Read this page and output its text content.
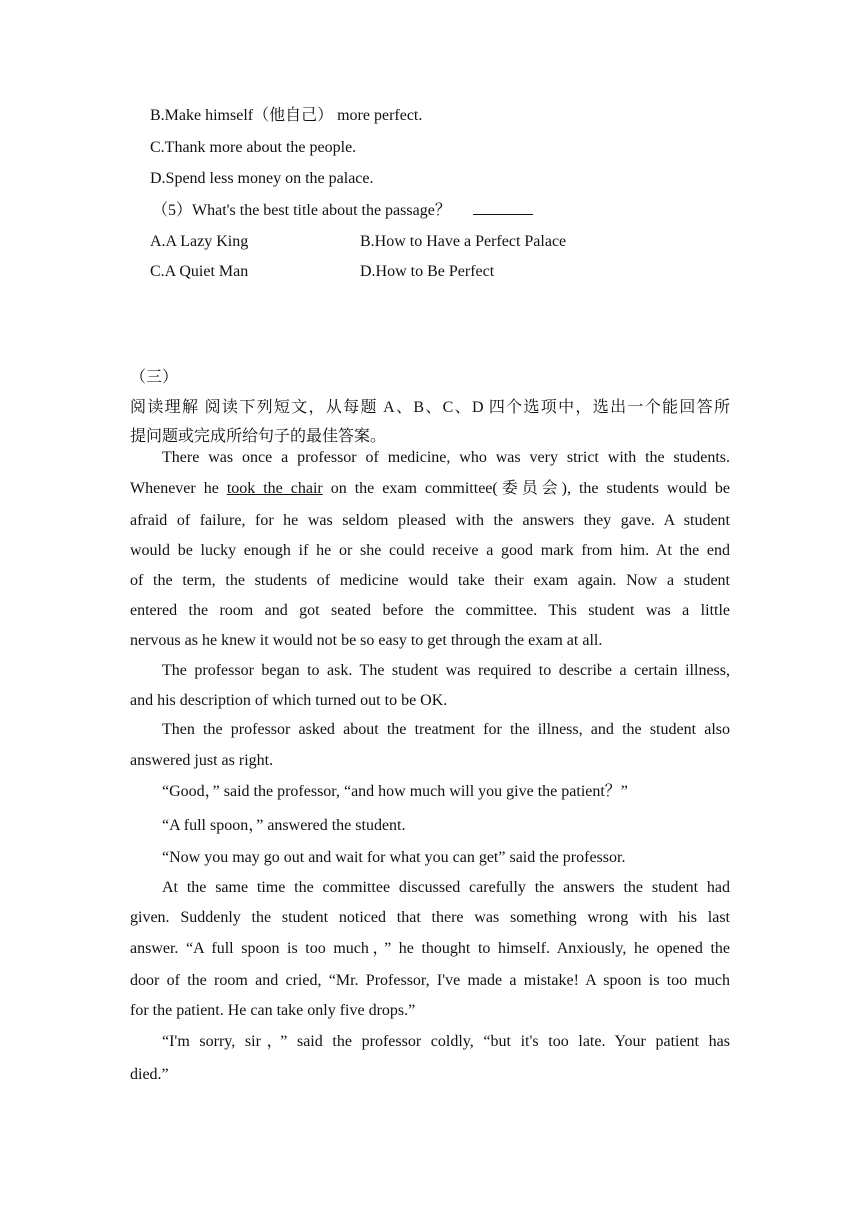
B.Make himself（他自己） more perfect.
C.Thank more about the people.
D.Spend less money on the palace.
（5）What's the best title about the passage？
A.A Lazy King	B.How to Have a Perfect Palace
C.A Quiet Man	D.How to Be Perfect
（三）
阅读理解 阅读下列短文，从每题 A、B、C、D 四个选项中，选出一个能回答所
提问题或完成所给句子的最佳答案。
There was once a professor of medicine, who was very strict with the students.
Whenever he took the chair on the exam committee(委员会), the students would be
afraid of failure, for he was seldom pleased with the answers they gave. A student
would be lucky enough if he or she could receive a good mark from him. At the end
of the term, the students of medicine would take their exam again. Now a student
entered the room and got seated before the committee. This student was a little
nervous as he knew it would not be so easy to get through the exam at all.
The professor began to ask. The student was required to describe a certain illness,
and his description of which turned out to be OK.
Then the professor asked about the treatment for the illness, and the student also
answered just as right.
“Good，” said the professor, “and how much will you give the patient？”
“A full spoon，” answered the student.
“Now you may go out and wait for what you can get” said the professor.
At the same time the committee discussed carefully the answers the student had
given. Suddenly the student noticed that there was something wrong with his last
answer. “A full spoon is too much，” he thought to himself. Anxiously, he opened the
door of the room and cried, “Mr. Professor, I've made a mistake! A spoon is too much
for the patient. He can take only five drops.”
“I'm sorry, sir，” said the professor coldly, “but it's too late. Your patient has
died.”
